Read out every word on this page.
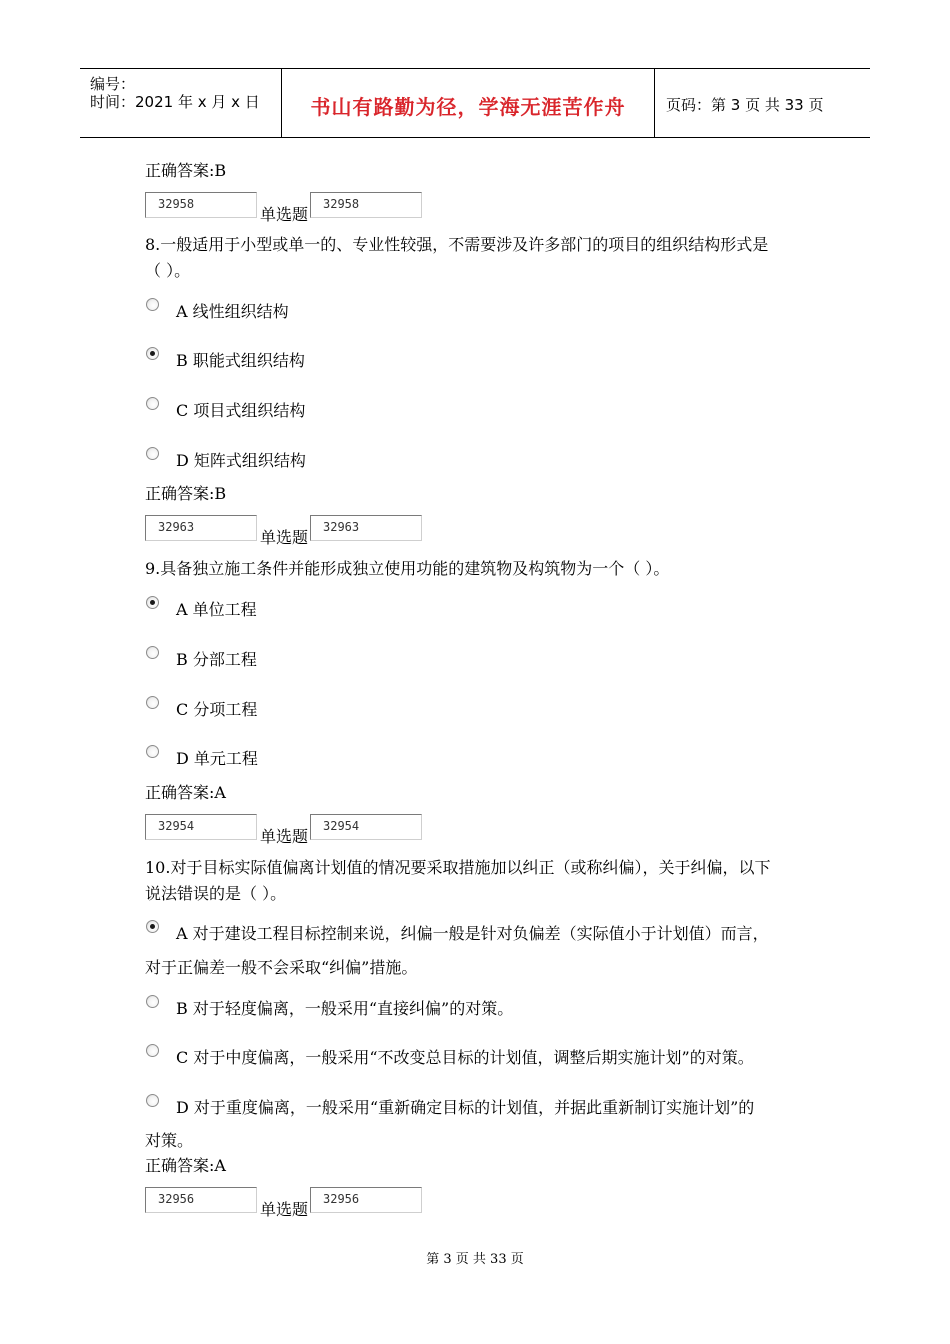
编号：
时间：2021 年 x 月 x 日	书山有路勤为径，学海无涯苦作舟	页码：第 3 页 共 33 页
正确答案:B
32958
单选题
32958
8.一般适用于小型或单一的、专业性较强，不需要涉及许多部门的项目的组织结构形式是
（ ）。
A 线性组织结构
B 职能式组织结构
C 项目式组织结构
D 矩阵式组织结构
正确答案:B
32963
单选题
32963
9.具备独立施工条件并能形成独立使用功能的建筑物及构筑物为一个（ ）。
A 单位工程
B 分部工程
C 分项工程
D 单元工程
正确答案:A
32954
单选题
32954
10.对于目标实际值偏离计划值的情况要采取措施加以纠正（或称纠偏），关于纠偏，以下
说法错误的是（ ）。
A 对于建设工程目标控制来说，纠偏一般是针对负偏差（实际值小于计划值）而言，
对于正偏差一般不会采取“纠偏”措施。
B 对于轻度偏离，一般采用“直接纠偏”的对策。
C 对于中度偏离，一般采用“不改变总目标的计划值，调整后期实施计划”的对策。
D 对于重度偏离，一般采用“重新确定目标的计划值，并据此重新制订实施计划”的
对策。
正确答案:A
32956
单选题
32956
第 3 页 共 33 页
